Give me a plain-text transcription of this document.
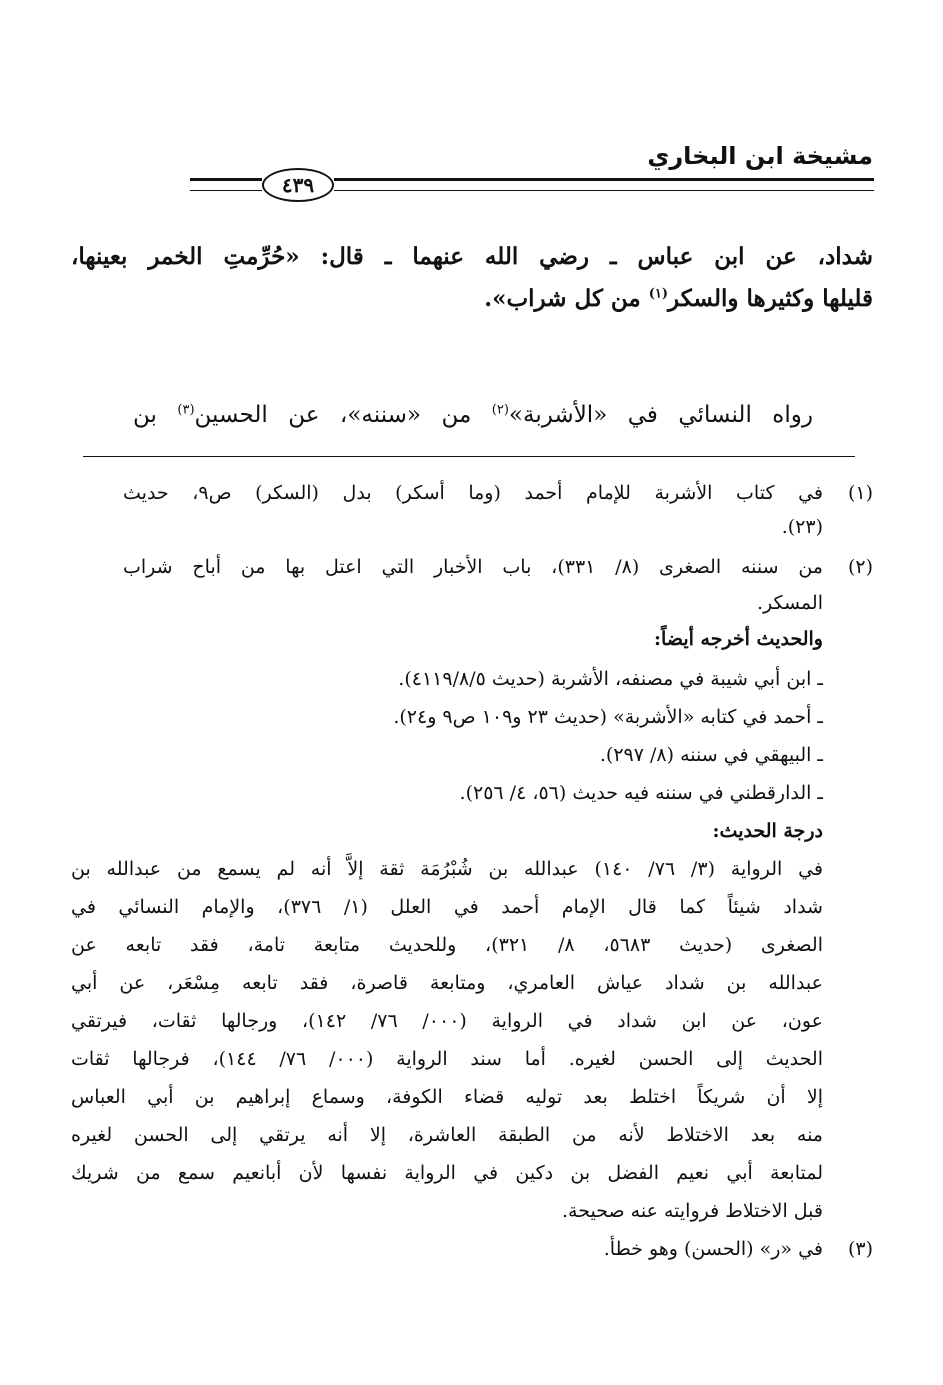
مشيخة ابن البخاري
٤٣٩
شداد، عن ابن عباس ـ رضي الله عنهما ـ قال: «حُرِّمتِ الخمر بعينها،
قليلها وكثيرها والسكر$^{(١)}$ من كل شراب».
رواه النسائي في «الأشربة»$^{(٢)}$ من «سننه»، عن الحسين$^{(٣)}$ بن
(١)
في كتاب الأشربة للإمام أحمد (وما أسكر) بدل (السكر) ص٩، حديث
(٢٣).
(٢)
من سننه الصغرى (٨/ ٣٣١)، باب الأخبار التي اعتل بها من أباح شراب
المسكر.
والحديث أخرجه أيضاً:
ـ ابن أبي شيبة في مصنفه، الأشربة (حديث ٤١١٩/٨/٥).
ـ أحمد في كتابه «الأشربة» (حديث ٢٣ و١٠٩ ص٩ و٢٤).
ـ البيهقي في سننه (٨/ ٢٩٧).
ـ الدارقطني في سننه فيه حديث (٥٦، ٤/ ٢٥٦).
درجة الحديث:
في الرواية (٣/ ٧٦/ ١٤٠) عبدالله بن شُبْرُمَة ثقة إلاَّ أنه لم يسمع من عبدالله بن
شداد شيئاً كما قال الإمام أحمد في العلل (١/ ٣٧٦)، والإمام النسائي في
الصغرى (حديث ٥٦٨٣، ٨/ ٣٢١)، وللحديث متابعة تامة، فقد تابعه عن
عبدالله بن شداد عياش العامري، ومتابعة قاصرة، فقد تابعه مِسْعَر، عن أبي
عون، عن ابن شداد في الرواية (٠٠٠/ ٧٦/ ١٤٢)، ورجالها ثقات، فيرتقي
الحديث إلى الحسن لغيره. أما سند الرواية (٠٠٠/ ٧٦/ ١٤٤)، فرجالها ثقات
إلا أن شريكاً اختلط بعد توليه قضاء الكوفة، وسماع إبراهيم بن أبي العباس
منه بعد الاختلاط لأنه من الطبقة العاشرة، إلا أنه يرتقي إلى الحسن لغيره
لمتابعة أبي نعيم الفضل بن دكين في الرواية نفسها لأن أبانعيم سمع من شريك
قبل الاختلاط فروايته عنه صحيحة.
(٣)
في «ر» (الحسن) وهو خطأ.
